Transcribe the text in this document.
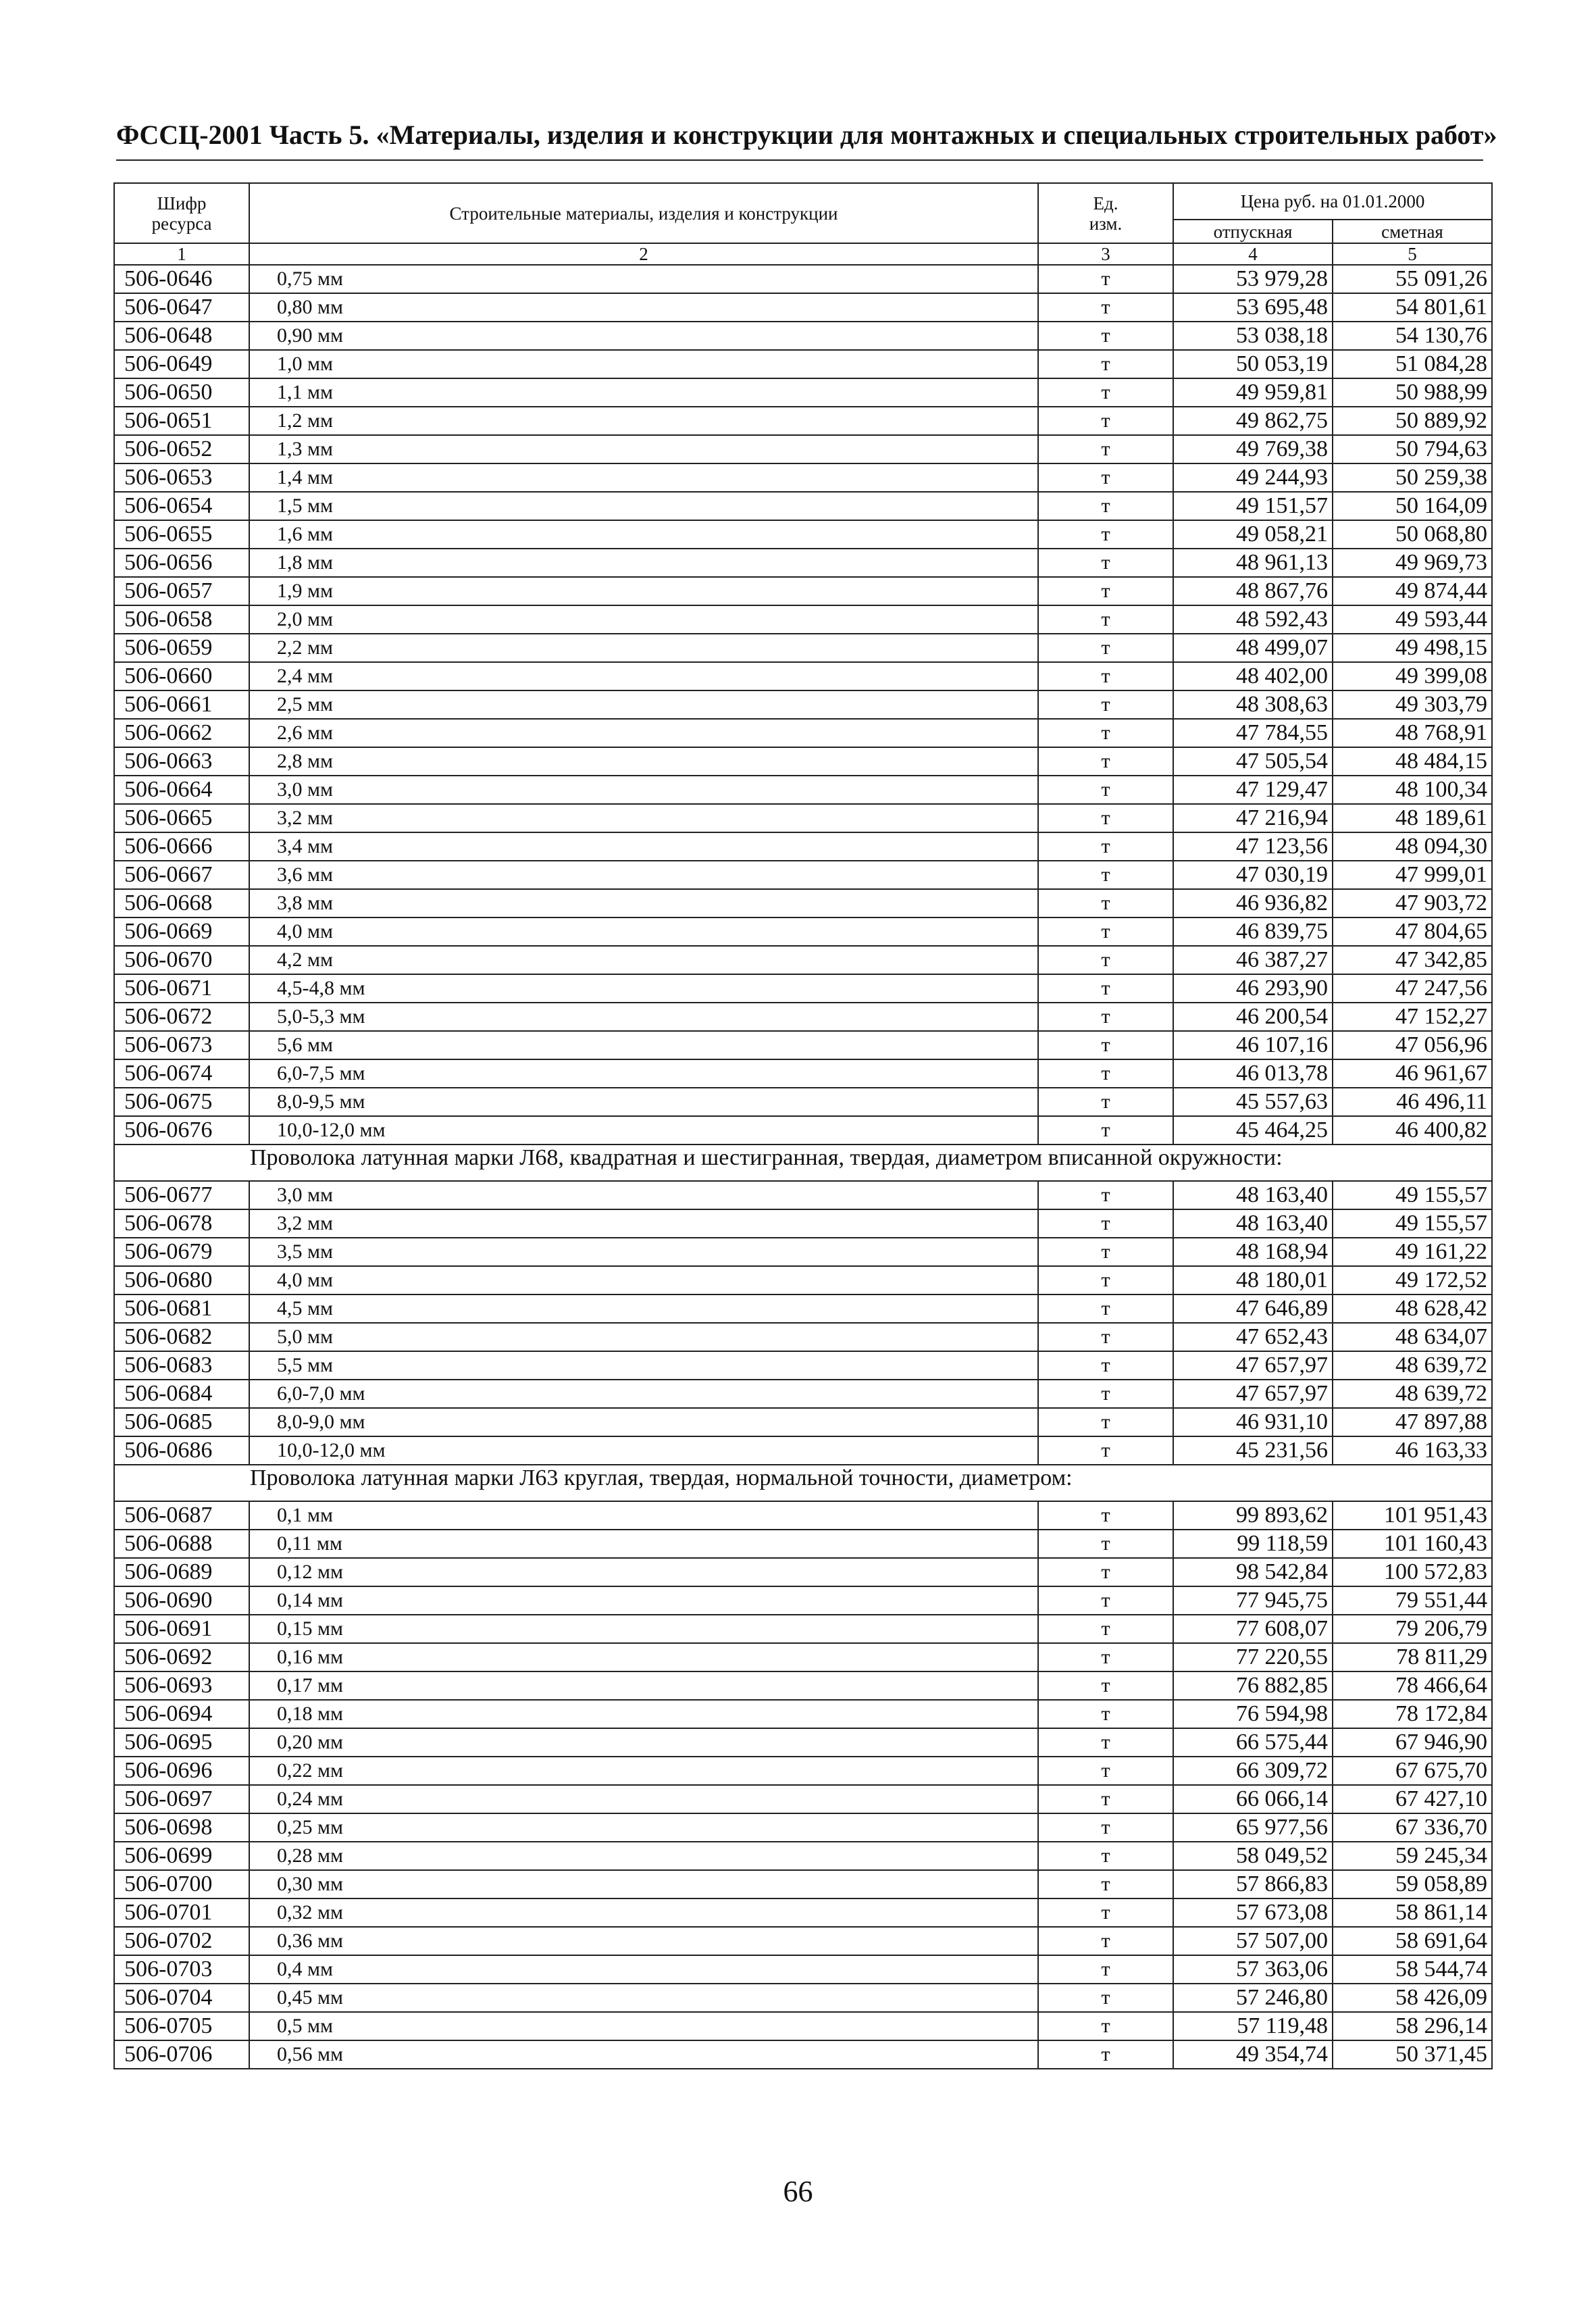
ФССЦ-2001 Часть 5. «Материалы, изделия и конструкции для монтажных и специальных строительных работ»
Шифр ресурса	Строительные материалы, изделия и конструкции	Ед. изм.	Цена руб. на 01.01.2000	
			отпускная	сметная
1	2	3	4	5
506-0646	0,75 мм	т	53 979,28	55 091,26
506-0647	0,80 мм	т	53 695,48	54 801,61
506-0648	0,90 мм	т	53 038,18	54 130,76
506-0649	1,0 мм	т	50 053,19	51 084,28
506-0650	1,1 мм	т	49 959,81	50 988,99
506-0651	1,2 мм	т	49 862,75	50 889,92
506-0652	1,3 мм	т	49 769,38	50 794,63
506-0653	1,4 мм	т	49 244,93	50 259,38
506-0654	1,5 мм	т	49 151,57	50 164,09
506-0655	1,6 мм	т	49 058,21	50 068,80
506-0656	1,8 мм	т	48 961,13	49 969,73
506-0657	1,9 мм	т	48 867,76	49 874,44
506-0658	2,0 мм	т	48 592,43	49 593,44
506-0659	2,2 мм	т	48 499,07	49 498,15
506-0660	2,4 мм	т	48 402,00	49 399,08
506-0661	2,5 мм	т	48 308,63	49 303,79
506-0662	2,6 мм	т	47 784,55	48 768,91
506-0663	2,8 мм	т	47 505,54	48 484,15
506-0664	3,0 мм	т	47 129,47	48 100,34
506-0665	3,2 мм	т	47 216,94	48 189,61
506-0666	3,4 мм	т	47 123,56	48 094,30
506-0667	3,6 мм	т	47 030,19	47 999,01
506-0668	3,8 мм	т	46 936,82	47 903,72
506-0669	4,0 мм	т	46 839,75	47 804,65
506-0670	4,2 мм	т	46 387,27	47 342,85
506-0671	4,5-4,8 мм	т	46 293,90	47 247,56
506-0672	5,0-5,3 мм	т	46 200,54	47 152,27
506-0673	5,6 мм	т	46 107,16	47 056,96
506-0674	6,0-7,5 мм	т	46 013,78	46 961,67
506-0675	8,0-9,5 мм	т	45 557,63	46 496,11
506-0676	10,0-12,0 мм	т	45 464,25	46 400,82
Проволока латунная марки Л68, квадратная и шестигранная, твердая, диаметром вписанной окружности:				
506-0677	3,0 мм	т	48 163,40	49 155,57
506-0678	3,2 мм	т	48 163,40	49 155,57
506-0679	3,5 мм	т	48 168,94	49 161,22
506-0680	4,0 мм	т	48 180,01	49 172,52
506-0681	4,5 мм	т	47 646,89	48 628,42
506-0682	5,0 мм	т	47 652,43	48 634,07
506-0683	5,5 мм	т	47 657,97	48 639,72
506-0684	6,0-7,0 мм	т	47 657,97	48 639,72
506-0685	8,0-9,0 мм	т	46 931,10	47 897,88
506-0686	10,0-12,0 мм	т	45 231,56	46 163,33
Проволока латунная марки Л63 круглая, твердая, нормальной точности, диаметром:				
506-0687	0,1 мм	т	99 893,62	101 951,43
506-0688	0,11 мм	т	99 118,59	101 160,43
506-0689	0,12 мм	т	98 542,84	100 572,83
506-0690	0,14 мм	т	77 945,75	79 551,44
506-0691	0,15 мм	т	77 608,07	79 206,79
506-0692	0,16 мм	т	77 220,55	78 811,29
506-0693	0,17 мм	т	76 882,85	78 466,64
506-0694	0,18 мм	т	76 594,98	78 172,84
506-0695	0,20 мм	т	66 575,44	67 946,90
506-0696	0,22 мм	т	66 309,72	67 675,70
506-0697	0,24 мм	т	66 066,14	67 427,10
506-0698	0,25 мм	т	65 977,56	67 336,70
506-0699	0,28 мм	т	58 049,52	59 245,34
506-0700	0,30 мм	т	57 866,83	59 058,89
506-0701	0,32 мм	т	57 673,08	58 861,14
506-0702	0,36 мм	т	57 507,00	58 691,64
506-0703	0,4 мм	т	57 363,06	58 544,74
506-0704	0,45 мм	т	57 246,80	58 426,09
506-0705	0,5 мм	т	57 119,48	58 296,14
506-0706	0,56 мм	т	49 354,74	50 371,45
66
